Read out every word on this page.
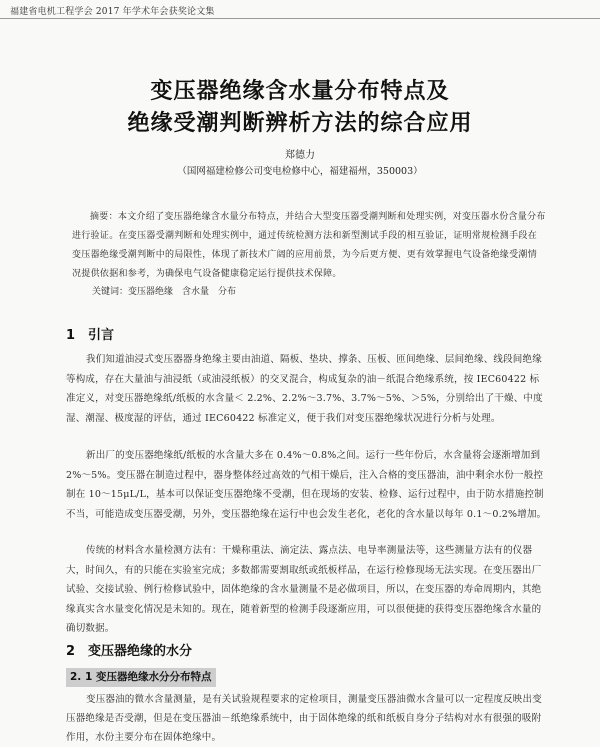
福建省电机工程学会 2017 年学术年会获奖论文集
变压器绝缘含水量分布特点及
绝缘受潮判断辨析方法的综合应用
郑德力
（国网福建检修公司变电检修中心，福建福州，350003）
摘要：本文介绍了变压器绝缘含水量分布特点，并结合大型变压器受潮判断和处理实例，对变压器水份含量分布进行验证。在变压器受潮判断和处理实例中，通过传统检测方法和新型测试手段的相互验证，证明常规检测手段在变压器绝缘受潮判断中的局限性，体现了新技术广阔的应用前景，为今后更方便、更有效掌握电气设备绝缘受潮情况提供依据和参考，为确保电气设备健康稳定运行提供技术保障。
关键词：变压器绝缘　含水量　分布
1 引言
我们知道油浸式变压器器身绝缘主要由油道、隔板、垫块、撑条、压板、匝间绝缘、层间绝缘、线段间绝缘等构成，存在大量油与油浸纸（或油浸纸板）的交叉混合，构成复杂的油－纸混合绝缘系统，按 IEC60422 标准定义，对变压器绝缘纸/纸板的水含量＜ 2.2%、2.2%～3.7%、3.7%～5%、＞5%，分别给出了干燥、中度湿、潮湿、极度湿的评估，通过 IEC60422 标准定义，便于我们对变压器绝缘状况进行分析与处理。
新出厂的变压器绝缘纸/纸板的水含量大多在 0.4%～0.8%之间。运行一些年份后，水含量将会逐渐增加到 2%～5%。变压器在制造过程中，器身整体经过高效的气相干燥后，注入合格的变压器油，油中剩余水份一般控制在 10～15μL/L，基本可以保证变压器绝缘不受潮，但在现场的安装、检修、运行过程中，由于防水措施控制不当，可能造成变压器受潮，另外，变压器绝缘在运行中也会发生老化，老化的含水量以每年 0.1～0.2%增加。
传统的材料含水量检测方法有：干燥称重法、滴定法、露点法、电导率测量法等，这些测量方法有的仪器大，时间久，有的只能在实验室完成；多数都需要割取纸或纸板样品，在运行检修现场无法实现。在变压器出厂试验、交接试验、例行检修试验中，固体绝缘的含水量测量不是必做项目，所以，在变压器的寿命周期内，其绝缘真实含水量变化情况是未知的。现在，随着新型的检测手段逐渐应用，可以很便捷的获得变压器绝缘含水量的确切数据。
2 变压器绝缘的水分
2. 1 变压器绝缘水分分布特点
变压器油的微水含量测量，是有关试验规程要求的定检项目，测量变压器油微水含量可以一定程度反映出变压器绝缘是否受潮，但是在变压器油－纸绝缘系统中，由于固体绝缘的纸和纸板自身分子结构对水有很强的吸附作用，水份主要分布在固体绝缘中。
